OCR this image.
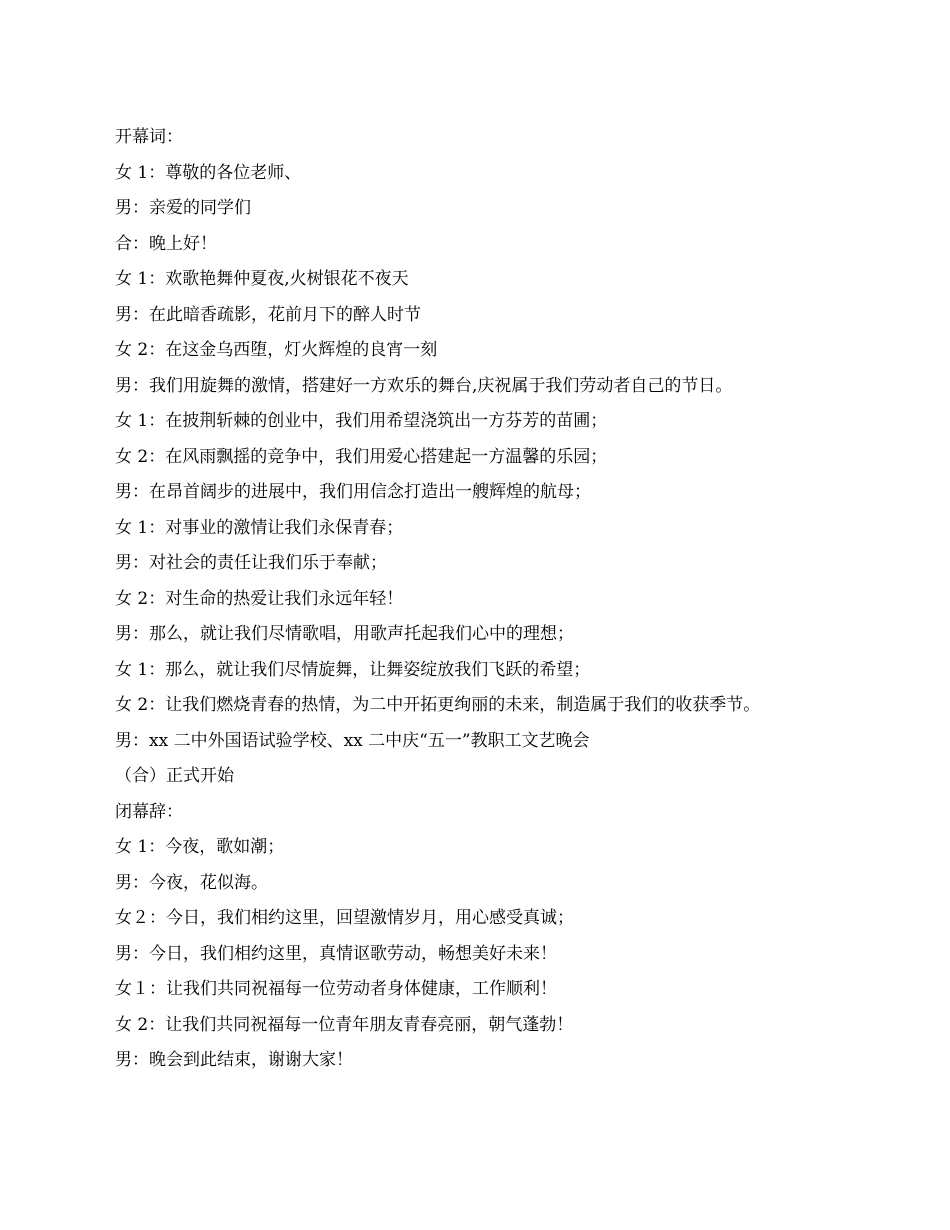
开幕词：
女 1：尊敬的各位老师、
男：亲爱的同学们
合：晚上好！
女 1：欢歌艳舞仲夏夜,火树银花不夜天
男：在此暗香疏影，花前月下的醉人时节
女 2：在这金乌西堕，灯火辉煌的良宵一刻
男：我们用旋舞的激情，搭建好一方欢乐的舞台,庆祝属于我们劳动者自己的节日。
女 1：在披荆斩棘的创业中，我们用希望浇筑出一方芬芳的苗圃；
女 2：在风雨飘摇的竞争中，我们用爱心搭建起一方温馨的乐园；
男：在昂首阔步的进展中，我们用信念打造出一艘辉煌的航母；
女 1：对事业的激情让我们永保青春；
男：对社会的责任让我们乐于奉献；
女 2：对生命的热爱让我们永远年轻！
男：那么，就让我们尽情歌唱，用歌声托起我们心中的理想；
女 1：那么，就让我们尽情旋舞，让舞姿绽放我们飞跃的希望；
女 2：让我们燃烧青春的热情，为二中开拓更绚丽的未来，制造属于我们的收获季节。
男：xx 二中外国语试验学校、xx 二中庆“五一”教职工文艺晚会
（合）正式开始
闭幕辞：
女 1：今夜，歌如潮；
男：今夜，花似海。
女２：今日，我们相约这里，回望激情岁月，用心感受真诚；
男：今日，我们相约这里，真情讴歌劳动，畅想美好未来！
女１：让我们共同祝福每一位劳动者身体健康，工作顺利！
女 2：让我们共同祝福每一位青年朋友青春亮丽，朝气蓬勃！
男：晚会到此结束，谢谢大家！
